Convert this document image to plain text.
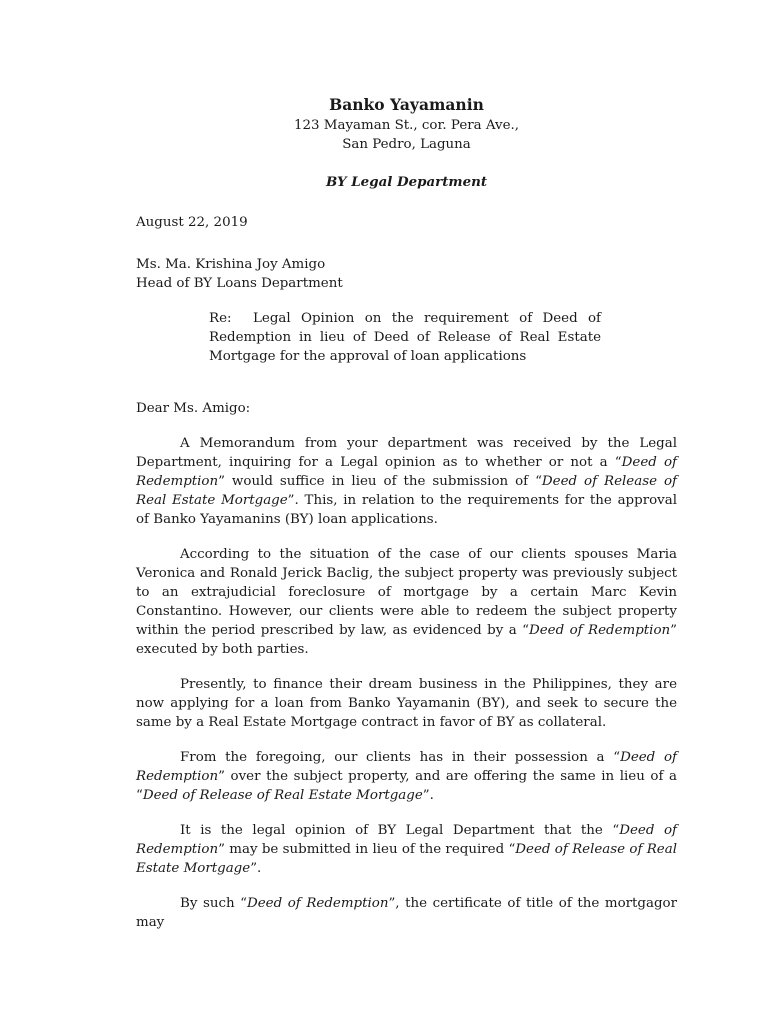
Banko Yayamanin
123 Mayaman St., cor. Pera Ave.,
San Pedro, Laguna
BY Legal Department
August 22, 2019
Ms. Ma. Krishina Joy Amigo
Head of BY Loans Department
Re: Legal Opinion on the requirement of Deed of Redemption in lieu of Deed of Release of Real Estate Mortgage for the approval of loan applications
Dear Ms. Amigo:
A Memorandum from your department was received by the Legal Department, inquiring for a Legal opinion as to whether or not a “Deed of Redemption” would suffice in lieu of the submission of “Deed of Release of Real Estate Mortgage”. This, in relation to the requirements for the approval of Banko Yayamanins (BY) loan applications.
According to the situation of the case of our clients spouses Maria Veronica and Ronald Jerick Baclig, the subject property was previously subject to an extrajudicial foreclosure of mortgage by a certain Marc Kevin Constantino. However, our clients were able to redeem the subject property within the period prescribed by law, as evidenced by a “Deed of Redemption” executed by both parties.
Presently, to finance their dream business in the Philippines, they are now applying for a loan from Banko Yayamanin (BY), and seek to secure the same by a Real Estate Mortgage contract in favor of BY as collateral.
From the foregoing, our clients has in their possession a “Deed of Redemption” over the subject property, and are offering the same in lieu of a “Deed of Release of Real Estate Mortgage”.
It is the legal opinion of BY Legal Department that the “Deed of Redemption” may be submitted in lieu of the required “Deed of Release of Real Estate Mortgage”.
By such “Deed of Redemption”, the certificate of title of the mortgagor may
